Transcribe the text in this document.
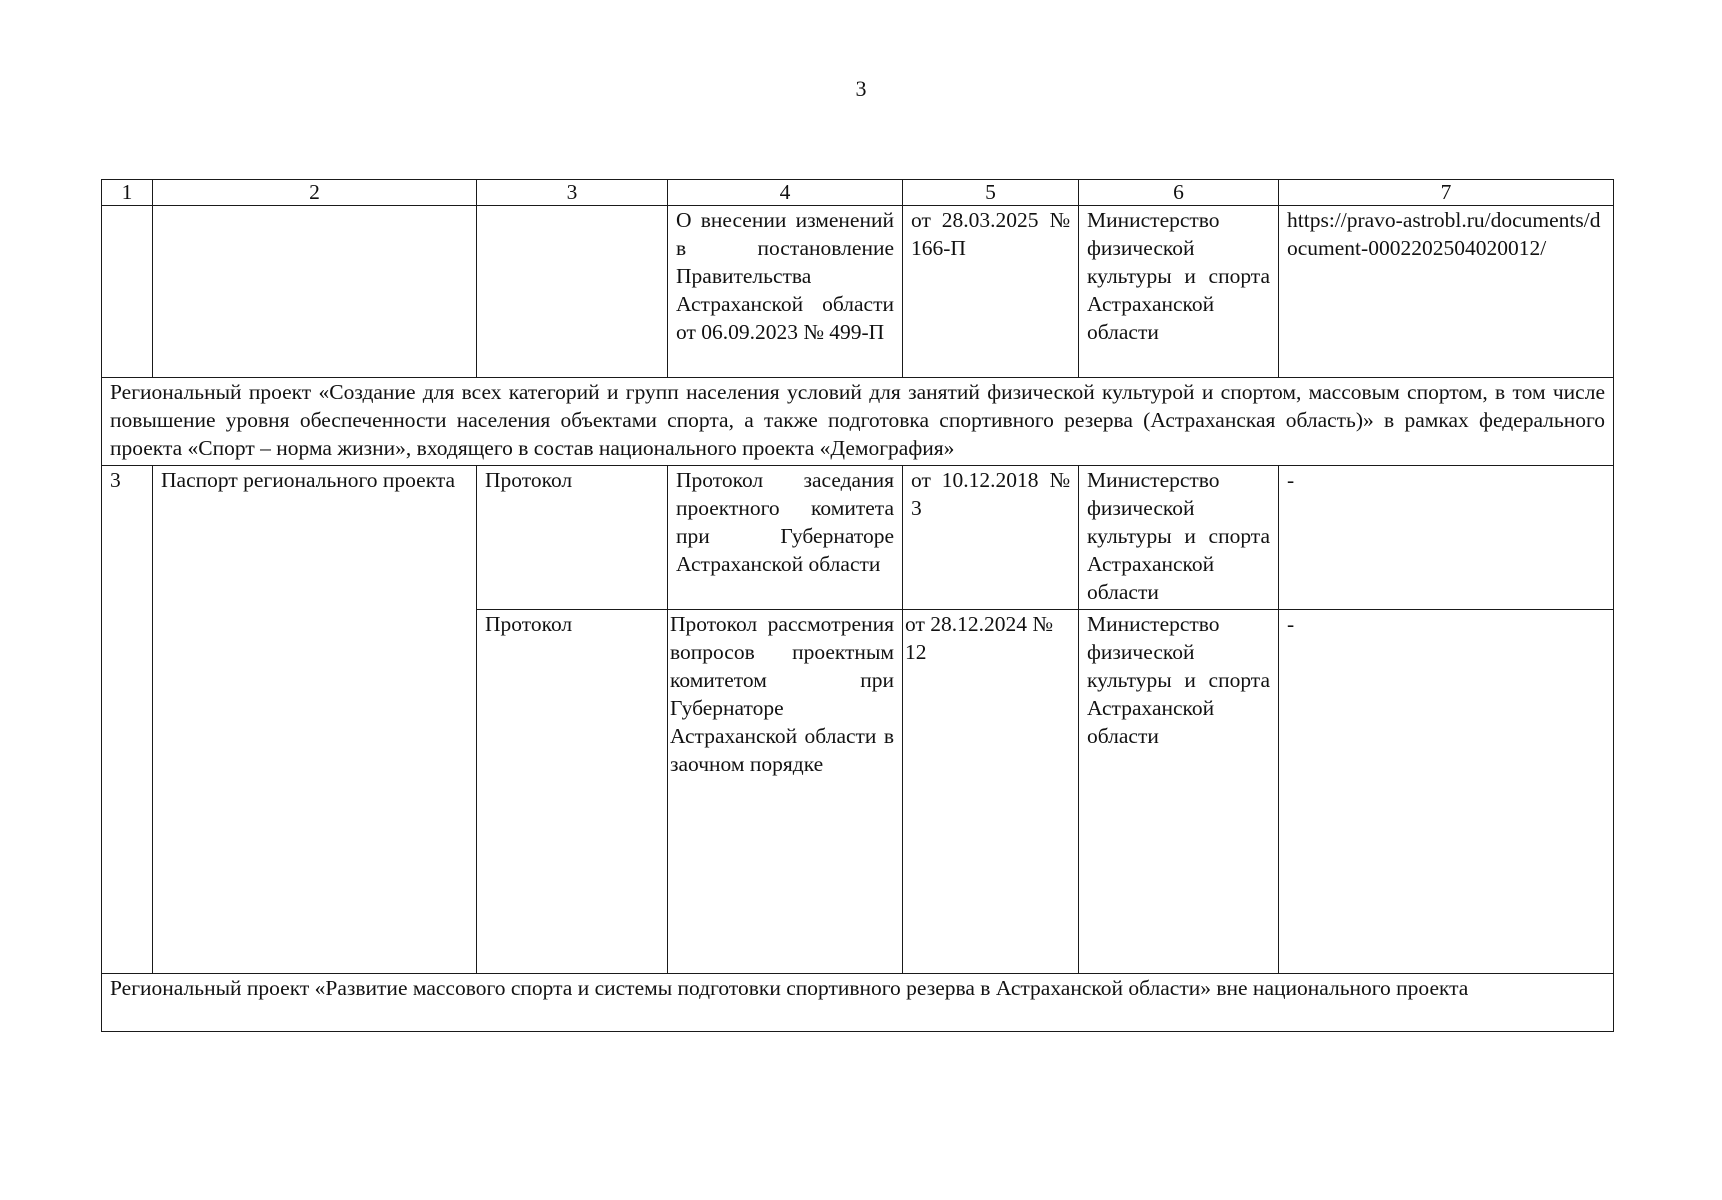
3
1	2	3	4	5	6	7
			О внесении изменений в постановление Правительства Астраханской области от 06.09.2023 № 499-П	от 28.03.2025 № 166-П	Министерство физической культуры и спорта Астраханской области	https://pravo-astrobl.ru/documents/document-0002202504020012/
Региональный проект «Создание для всех категорий и групп населения условий для занятий физической культурой и спортом, массовым спортом, в том числе повышение уровня обеспеченности населения объектами спорта, а также подготовка спортивного резерва (Астраханская область)» в рамках федерального проекта «Спорт – норма жизни», входящего в состав национального проекта «Демография»						
3	Паспорт регионального проекта	Протокол	Протокол заседания проектного комитета при Губернаторе Астраханской области	от 10.12.2018 № 3	Министерство физической культуры и спорта Астраханской области	-
		Протокол	Протокол рассмотрения вопросов проектным комитетом при Губернаторе Астраханской области в заочном порядке	от 28.12.2024 № 12	Министерство физической культуры и спорта Астраханской области	-
Региональный проект «Развитие массового спорта и системы подготовки спортивного резерва в Астраханской области» вне национального проекта						
